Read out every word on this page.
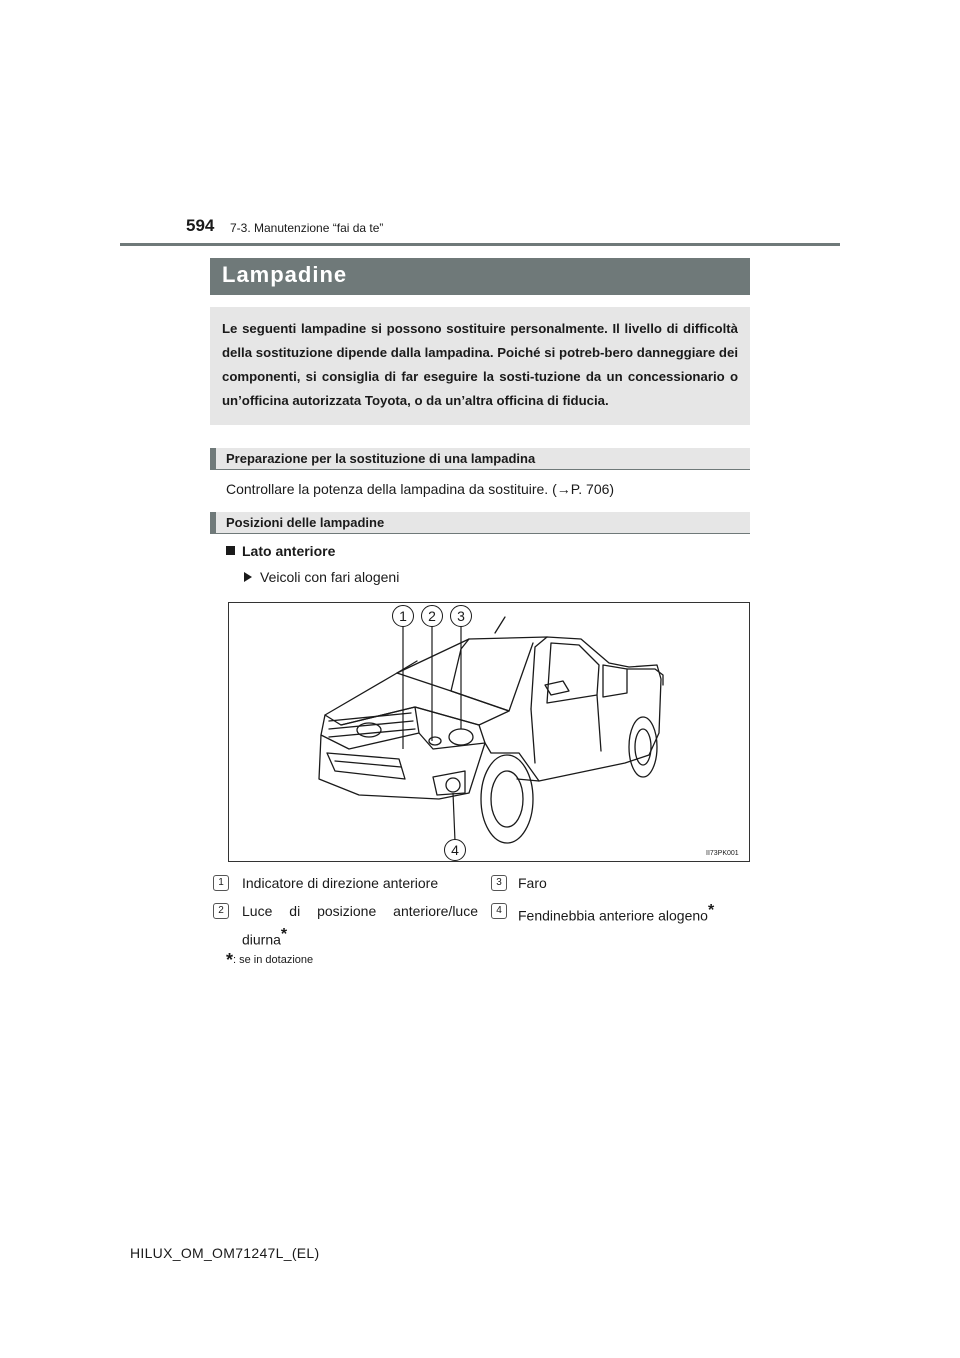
594 7-3. Manutenzione “fai da te”
Lampadine
Le seguenti lampadine si possono sostituire personalmente. Il livello di difficoltà della sostituzione dipende dalla lampadina. Poiché si potreb-bero danneggiare dei componenti, si consiglia di far eseguire la sosti-tuzione da un concessionario o un’officina autorizzata Toyota, o da un’altra officina di fiducia.
Preparazione per la sostituzione di una lampadina
Controllare la potenza della lampadina da sostituire. (→P. 706)
Posizioni delle lampadine
Lato anteriore
Veicoli con fari alogeni
1	2	3
4	II73PK001
1	Indicatore di direzione anteriore
2	Luce di posizione anteriore/luce diurna*
3	Faro
4	Fendinebbia anteriore alogeno*
*: se in dotazione
HILUX_OM_OM71247L_(EL)
